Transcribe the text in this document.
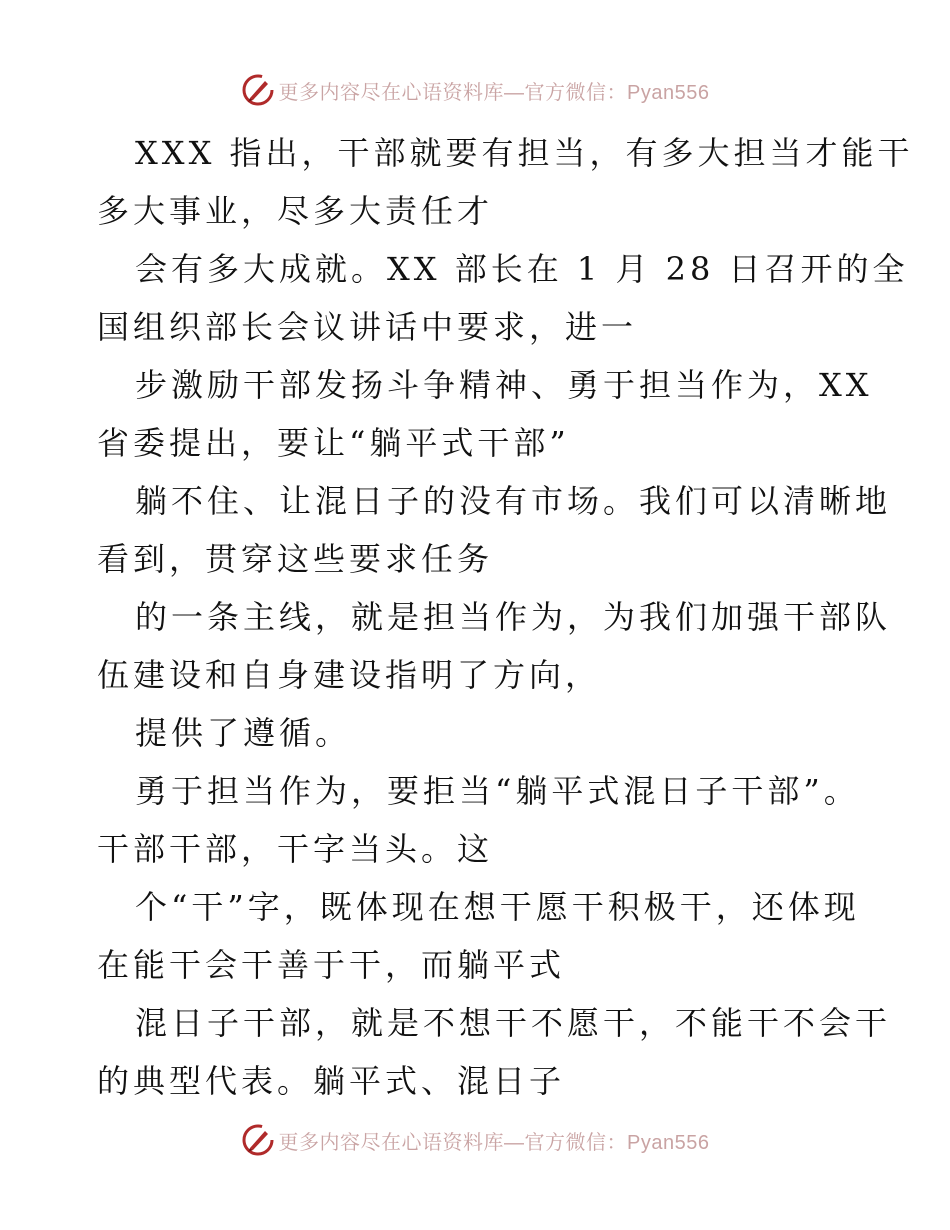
更多内容尽在心语资料库—官方微信：Pyan556

XXX 指出，干部就要有担当，有多大担当才能干
多大事业，尽多大责任才

会有多大成就。XX 部长在 1 月 28 日召开的全
国组织部长会议讲话中要求，进一

步激励干部发扬斗争精神、勇于担当作为，XX
省委提出，要让“躺平式干部”

躺不住、让混日子的没有市场。我们可以清晰地
看到，贯穿这些要求任务

的一条主线，就是担当作为，为我们加强干部队
伍建设和自身建设指明了方向，

提供了遵循。

勇于担当作为，要拒当“躺平式混日子干部”。
干部干部，干字当头。这

个“干”字，既体现在想干愿干积极干，还体现
在能干会干善于干，而躺平式

混日子干部，就是不想干不愿干，不能干不会干
的典型代表。躺平式、混日子

更多内容尽在心语资料库—官方微信：Pyan556
